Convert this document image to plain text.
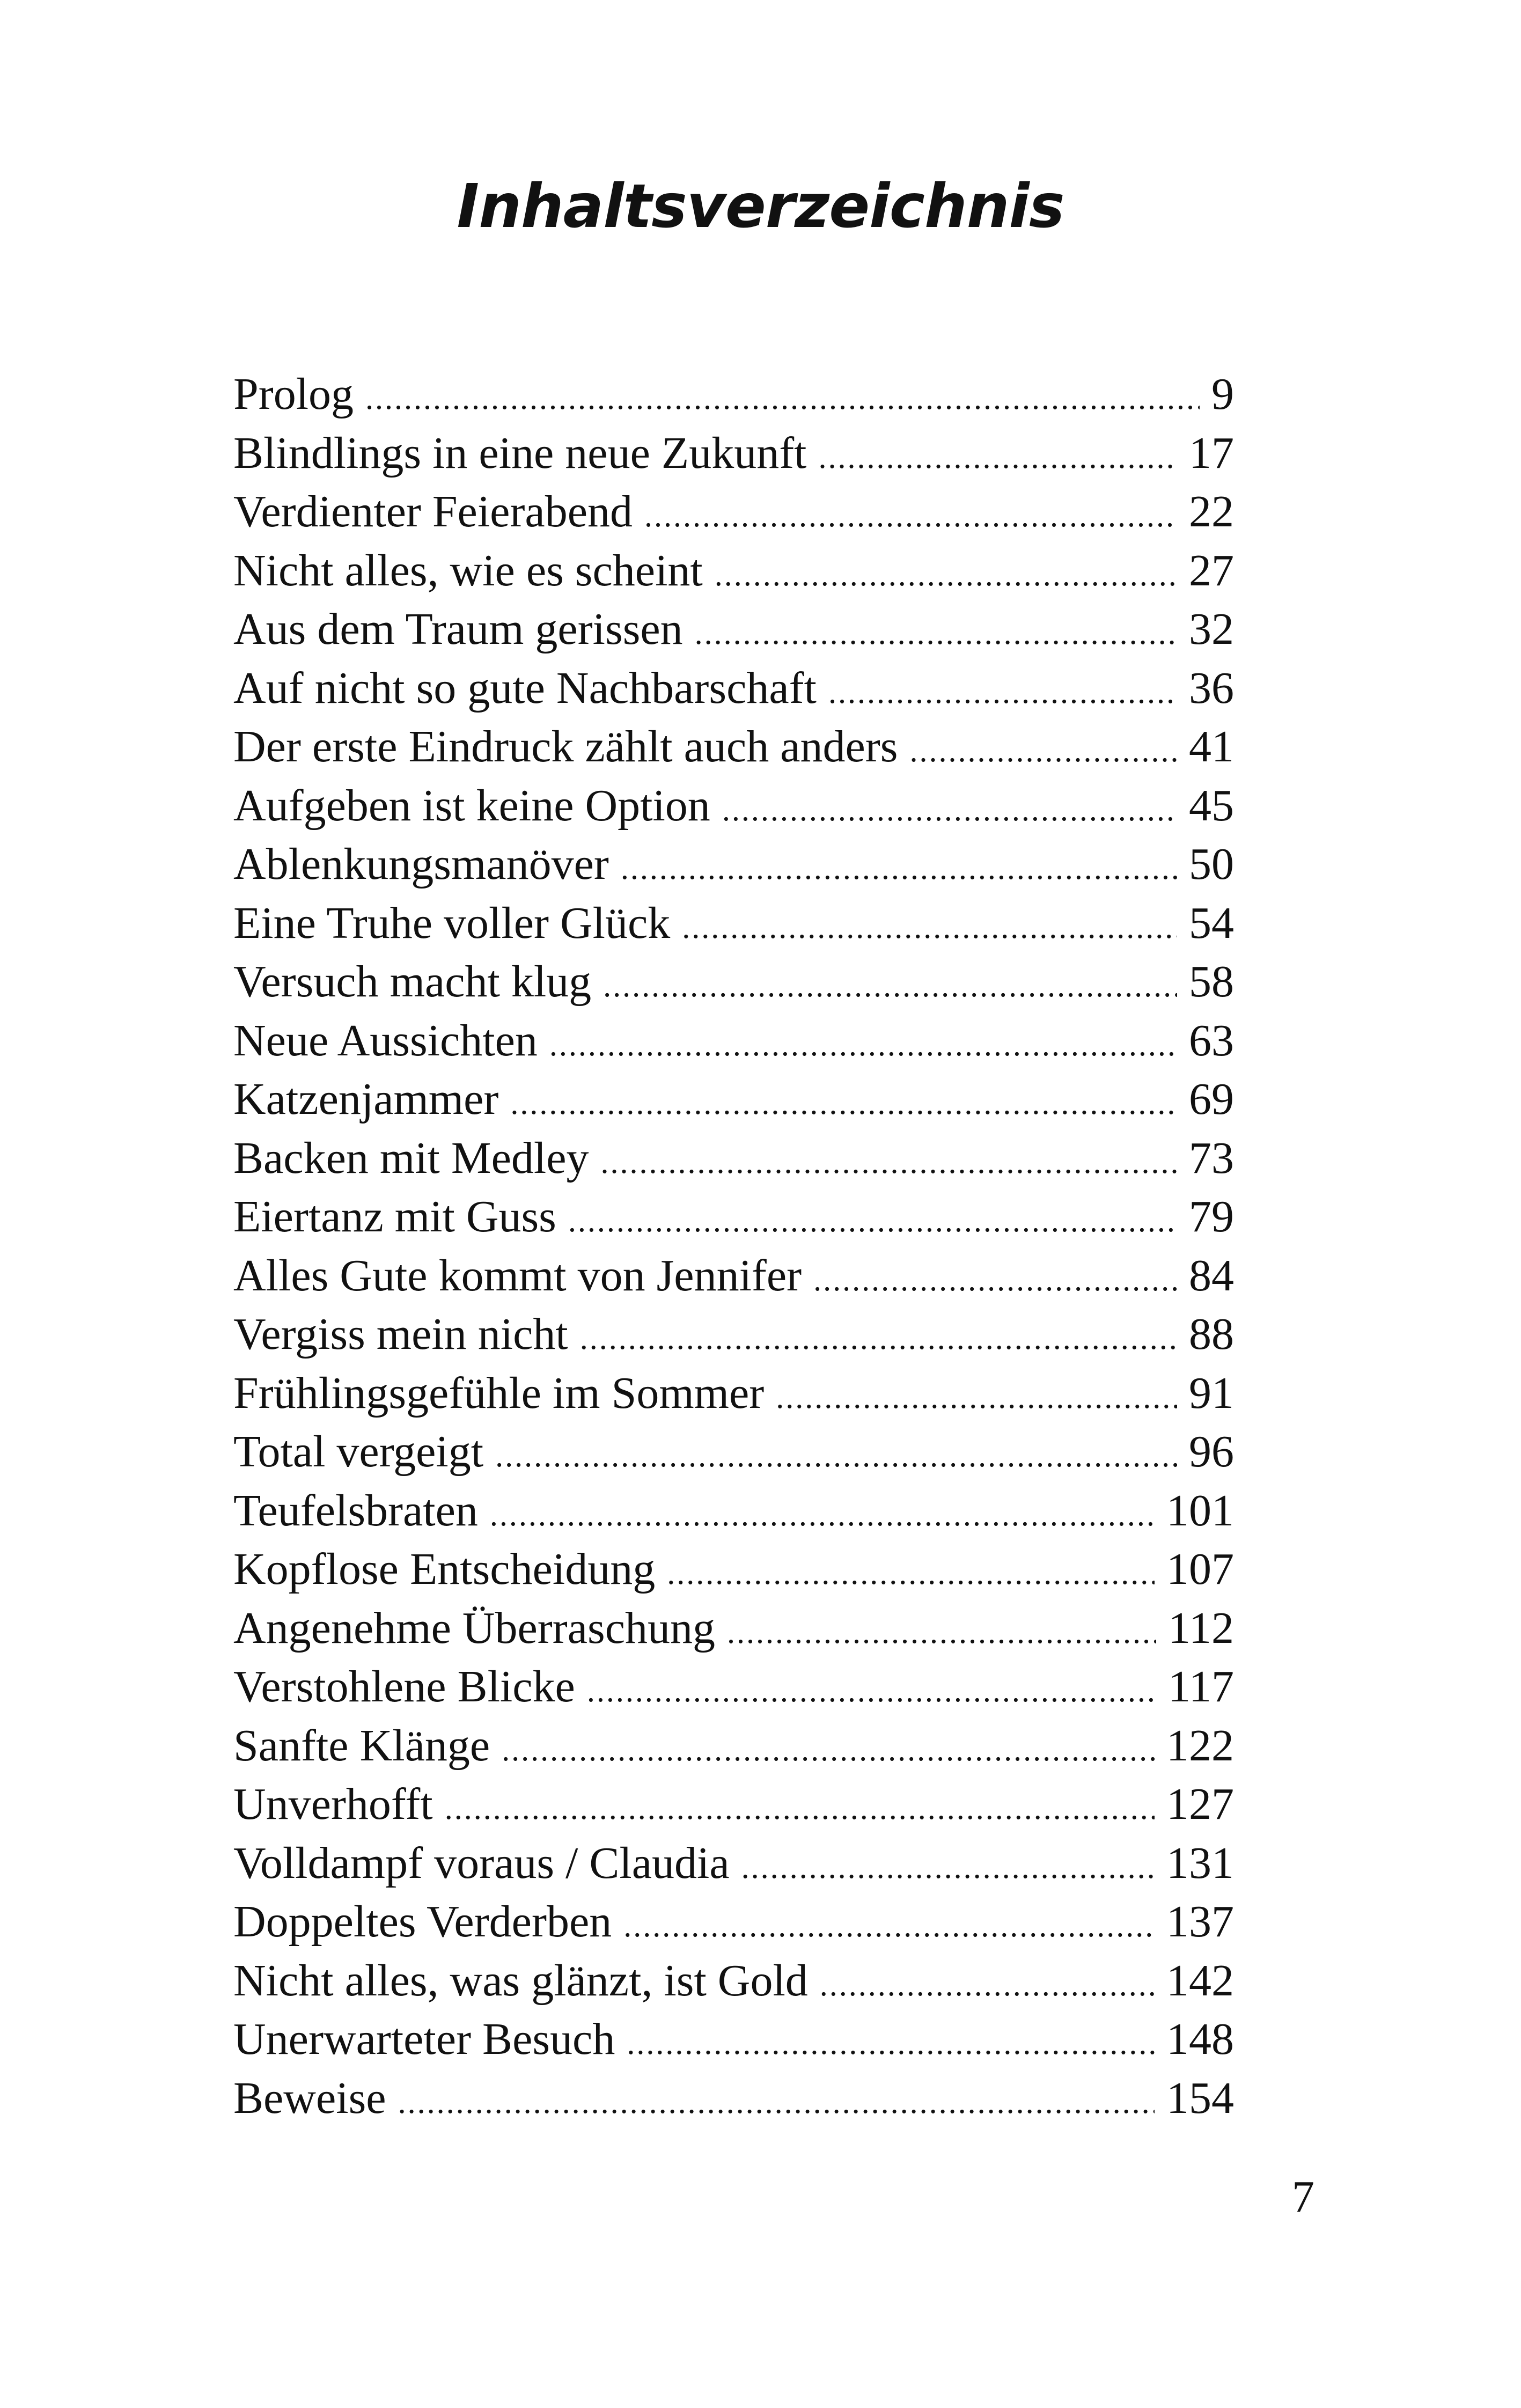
Inhaltsverzeichnis
Prolog .....	9
Blindlings in eine neue Zukunft .....	17
Verdienter Feierabend .....	22
Nicht alles, wie es scheint .....	27
Aus dem Traum gerissen .....	32
Auf nicht so gute Nachbarschaft .....	36
Der erste Eindruck zählt auch anders .....	41
Aufgeben ist keine Option .....	45
Ablenkungsmanöver .....	50
Eine Truhe voller Glück .....	54
Versuch macht klug .....	58
Neue Aussichten .....	63
Katzenjammer .....	69
Backen mit Medley .....	73
Eiertanz mit Guss .....	79
Alles Gute kommt von Jennifer .....	84
Vergiss mein nicht .....	88
Frühlingsgefühle im Sommer .....	91
Total vergeigt .....	96
Teufelsbraten .....	101
Kopflose Entscheidung .....	107
Angenehme Überraschung .....	112
Verstohlene Blicke .....	117
Sanfte Klänge .....	122
Unverhofft .....	127
Volldampf voraus / Claudia .....	131
Doppeltes Verderben .....	137
Nicht alles, was glänzt, ist Gold .....	142
Unerwarteter Besuch .....	148
Beweise .....	154
7
